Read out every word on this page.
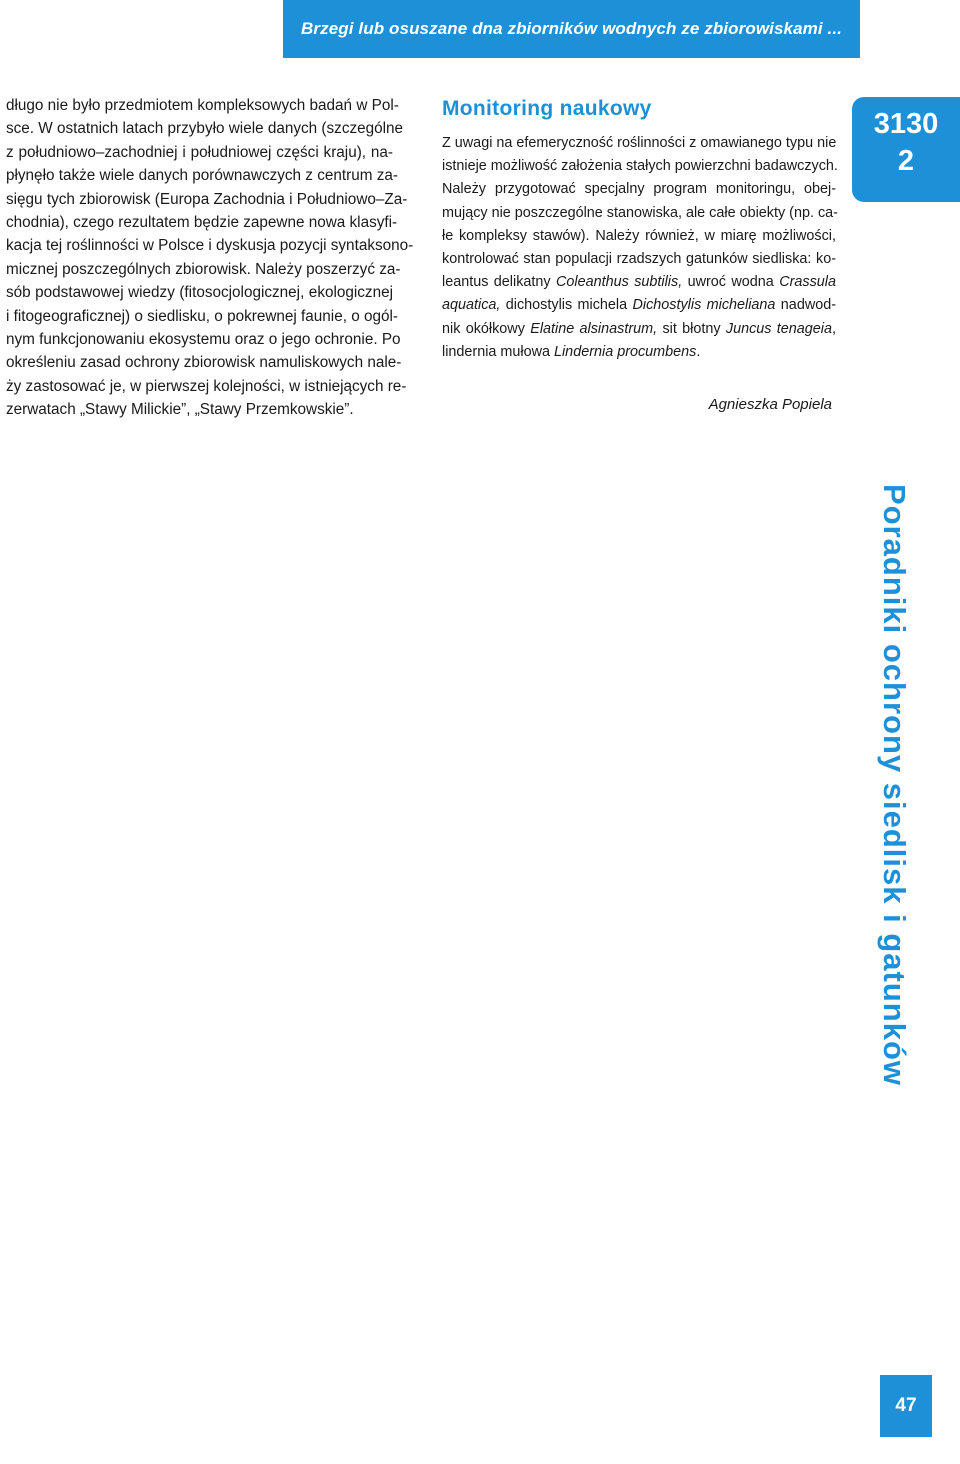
Brzegi lub osuszane dna zbiorników wodnych ze zbiorowiskami ...
długo nie było przedmiotem kompleksowych badań w Pol-
sce. W ostatnich latach przybyło wiele danych (szczególne
z południowo–zachodniej i południowej części kraju), na-
płynęło także wiele danych porównawczych z centrum za-
sięgu tych zbiorowisk (Europa Zachodnia i Południowo–Za-
chodnia), czego rezultatem będzie zapewne nowa klasyfi-
kacja tej roślinności w Polsce i dyskusja pozycji syntaksono-
micznej poszczególnych zbiorowisk. Należy poszerzyć za-
sób podstawowej wiedzy (fitosocjologicznej, ekologicznej
i fitogeograficznej) o siedlisku, o pokrewnej faunie, o ogól-
nym funkcjonowaniu ekosystemu oraz o jego ochronie. Po
określeniu zasad ochrony zbiorowisk namuliskowych nale-
ży zastosować je, w pierwszej kolejności, w istniejących re-
zerwatach „Stawy Milickie”, „Stawy Przemkowskie”.
Monitoring naukowy
Z uwagi na efemeryczność roślinności z omawianego typu nie
istnieje możliwość założenia stałych powierzchni badawczych.
Należy przygotować specjalny program monitoringu, obej-
mujący nie poszczególne stanowiska, ale całe obiekty (np. ca-
łe kompleksy stawów). Należy również, w miarę możliwości,
kontrolować stan populacji rzadszych gatunków siedliska: ko-
leantus delikatny Coleanthus subtilis, uwroć wodna Crassula
aquatica, dichostylis michela Dichostylis micheliana nadwod-
nik okółkowy Elatine alsinastrum, sit błotny Juncus tenageia,
lindernia mułowa Lindernia procumbens.
Agnieszka Popiela
3130
2
Poradniki ochrony siedlisk i gatunków
47
